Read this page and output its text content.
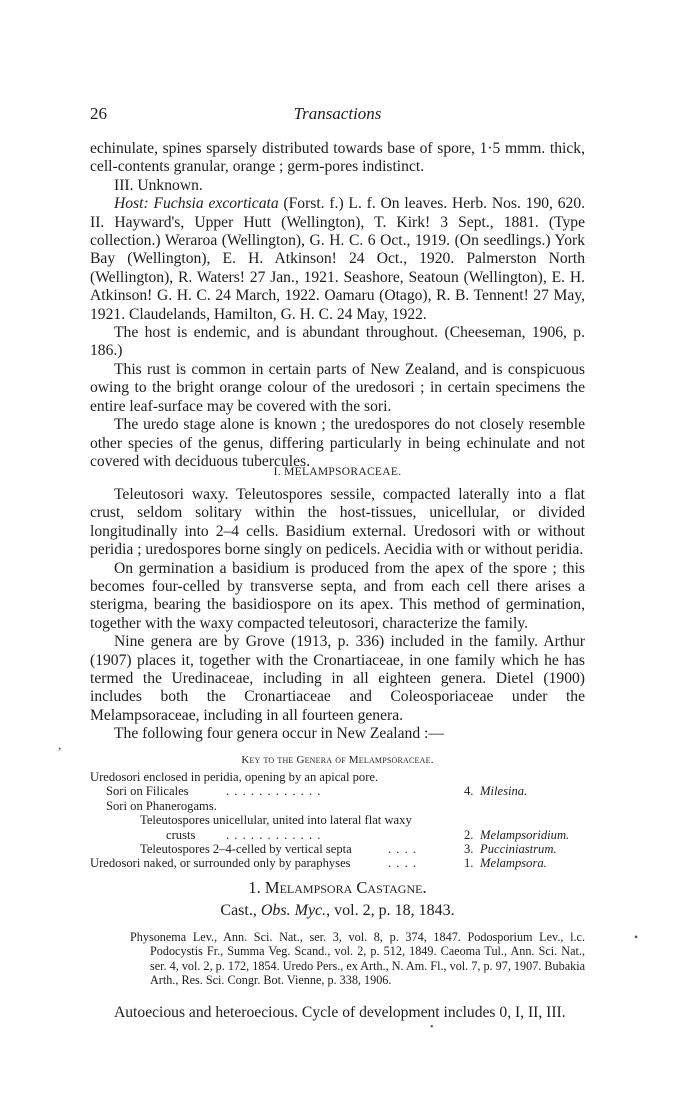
26	Transactions

echinulate, spines sparsely distributed towards base of spore, 1·5 mmm. thick, cell-contents granular, orange ; germ-pores indistinct.

III. Unknown.

Host: Fuchsia excorticata (Forst. f.) L. f. On leaves. Herb. Nos. 190, 620. II. Hayward's, Upper Hutt (Wellington), T. Kirk! 3 Sept., 1881. (Type collection.) Weraroa (Wellington), G. H. C. 6 Oct., 1919. (On seedlings.) York Bay (Wellington), E. H. Atkinson! 24 Oct., 1920. Palmerston North (Wellington), R. Waters! 27 Jan., 1921. Seashore, Seatoun (Wellington), E. H. Atkinson! G. H. C. 24 March, 1922. Oamaru (Otago), R. B. Tennent! 27 May, 1921. Claudelands, Hamilton, G. H. C. 24 May, 1922.

The host is endemic, and is abundant throughout. (Cheeseman, 1906, p. 186.)

This rust is common in certain parts of New Zealand, and is conspicuous owing to the bright orange colour of the uredosori ; in certain specimens the entire leaf-surface may be covered with the sori.

The uredo stage alone is known ; the uredospores do not closely resemble other species of the genus, differing particularly in being echinulate and not covered with deciduous tubercules.

I. MELAMPSORACEAE.

Teleutosori waxy. Teleutospores sessile, compacted laterally into a flat crust, seldom solitary within the host-tissues, unicellular, or divided longitudinally into 2–4 cells. Basidium external. Uredosori with or without peridia ; uredospores borne singly on pedicels. Aecidia with or without peridia.

On germination a basidium is produced from the apex of the spore ; this becomes four-celled by transverse septa, and from each cell there arises a sterigma, bearing the basidiospore on its apex. This method of germination, together with the waxy compacted teleutosori, characterize the family.

Nine genera are by Grove (1913, p. 336) included in the family. Arthur (1907) places it, together with the Cronartiaceae, in one family which he has termed the Uredinaceae, including in all eighteen genera. Dietel (1900) includes both the Cronartiaceae and Coleosporiaceae under the Melampsoraceae, including in all fourteen genera.

The following four genera occur in New Zealand :—

Key to the Genera of Melampsoraceae.
Uredosori enclosed in peridia, opening by an apical pore.
Sori on Filicales	. . . . . . . . . . . .	4. Milesina.
Sori on Phanerogams.
Teleutospores unicellular, united into lateral flat waxy
crusts . . . . . . . . . . . .	2. Melampsoridium.
Teleutospores 2–4-celled by vertical septa	. . . .	3. Pucciniastrum.
Uredosori naked, or surrounded only by paraphyses	. . . .	1. Melampsora.
1. Melampsora Castagne.
Cast., Obs. Myc., vol. 2, p. 18, 1843.

Physonema Lev., Ann. Sci. Nat., ser. 3, vol. 8, p. 374, 1847. Podosporium Lev., l.c. Podocystis Fr., Summa Veg. Scand., vol. 2, p. 512, 1849. Caeoma Tul., Ann. Sci. Nat., ser. 4, vol. 2, p. 172, 1854. Uredo Pers., ex Arth., N. Am. Fl., vol. 7, p. 97, 1907. Bubakia Arth., Res. Sci. Congr. Bot. Vienne, p. 338, 1906.

Autoecious and heteroecious. Cycle of development includes 0, I, II, III.

,
•
•
